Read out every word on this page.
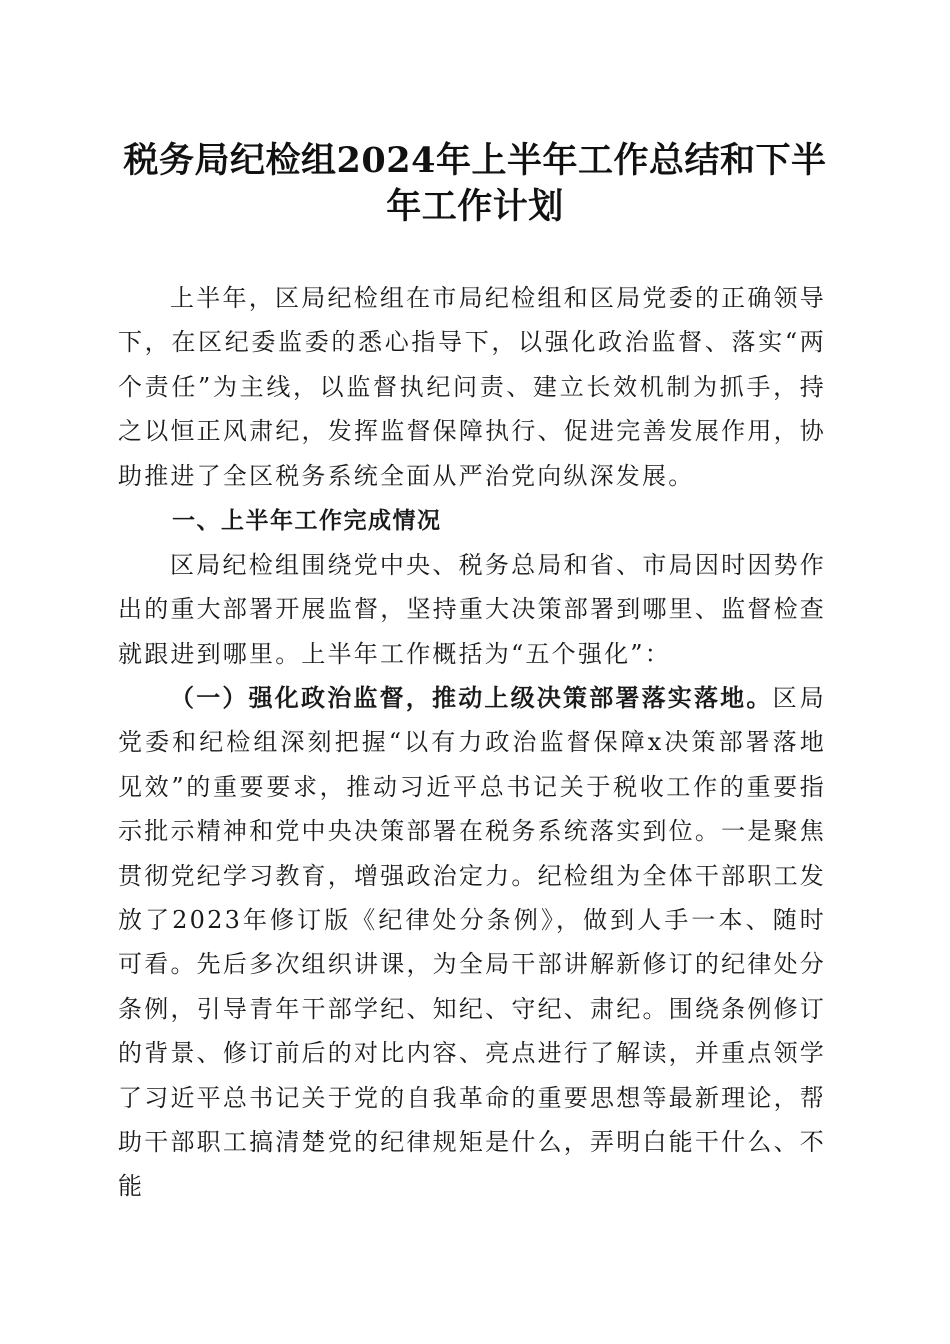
税务局纪检组2024年上半年工作总结和下半年工作计划

上半年，区局纪检组在市局纪检组和区局党委的正确领导下，在区纪委监委的悉心指导下，以强化政治监督、落实“两个责任”为主线，以监督执纪问责、建立长效机制为抓手，持之以恒正风肃纪，发挥监督保障执行、促进完善发展作用，协助推进了全区税务系统全面从严治党向纵深发展。

一、上半年工作完成情况

区局纪检组围绕党中央、税务总局和省、市局因时因势作出的重大部署开展监督，坚持重大决策部署到哪里、监督检查就跟进到哪里。上半年工作概括为“五个强化”：

（一）强化政治监督，推动上级决策部署落实落地。区局党委和纪检组深刻把握“以有力政治监督保障x决策部署落地见效”的重要要求，推动习近平总书记关于税收工作的重要指示批示精神和党中央决策部署在税务系统落实到位。一是聚焦贯彻党纪学习教育，增强政治定力。纪检组为全体干部职工发放了2023年修订版《纪律处分条例》，做到人手一本、随时可看。先后多次组织讲课，为全局干部讲解新修订的纪律处分条例，引导青年干部学纪、知纪、守纪、肃纪。围绕条例修订的背景、修订前后的对比内容、亮点进行了解读，并重点领学了习近平总书记关于党的自我革命的重要思想等最新理论，帮助干部职工搞清楚党的纪律规矩是什么，弄明白能干什么、不能
